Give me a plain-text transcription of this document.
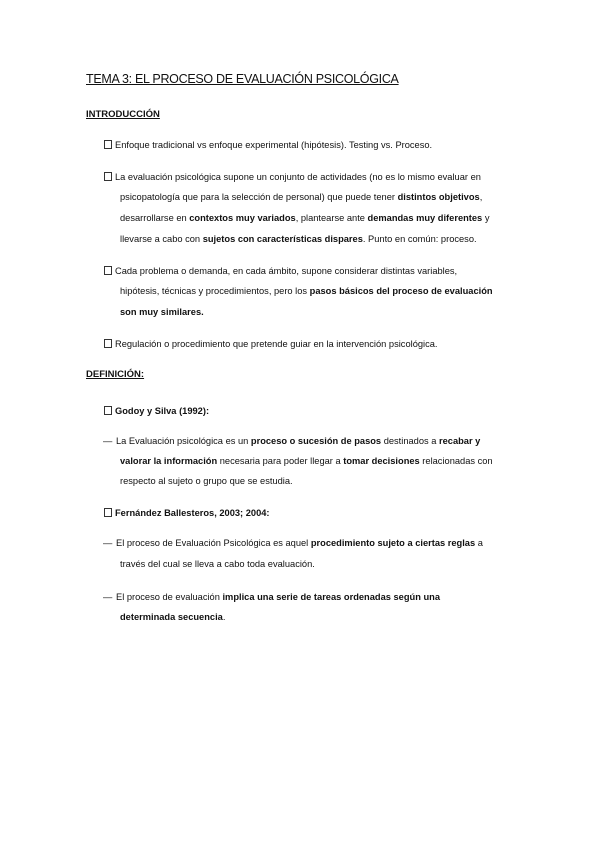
TEMA 3: EL PROCESO DE EVALUACIÓN PSICOLÓGICA
INTRODUCCIÓN
Enfoque tradicional vs enfoque experimental (hipótesis). Testing vs. Proceso.
La evaluación psicológica supone un conjunto de actividades (no es lo mismo evaluar en
psicopatología que para la selección de personal) que puede tener distintos objetivos,
desarrollarse en contextos muy variados, plantearse ante demandas muy diferentes y
llevarse a cabo con sujetos con características dispares. Punto en común: proceso.
Cada problema o demanda, en cada ámbito, supone considerar distintas variables,
hipótesis, técnicas y procedimientos, pero los pasos básicos del proceso de evaluación
son muy similares.
Regulación o procedimiento que pretende guiar en la intervención psicológica.
DEFINICIÓN:
Godoy y Silva (1992):
— La Evaluación psicológica es un proceso o sucesión de pasos destinados a recabar y
valorar la información necesaria para poder llegar a tomar decisiones relacionadas con
respecto al sujeto o grupo que se estudia.
Fernández Ballesteros, 2003; 2004:
— El proceso de Evaluación Psicológica es aquel procedimiento sujeto a ciertas reglas a
través del cual se lleva a cabo toda evaluación.
— El proceso de evaluación implica una serie de tareas ordenadas según una
determinada secuencia.
